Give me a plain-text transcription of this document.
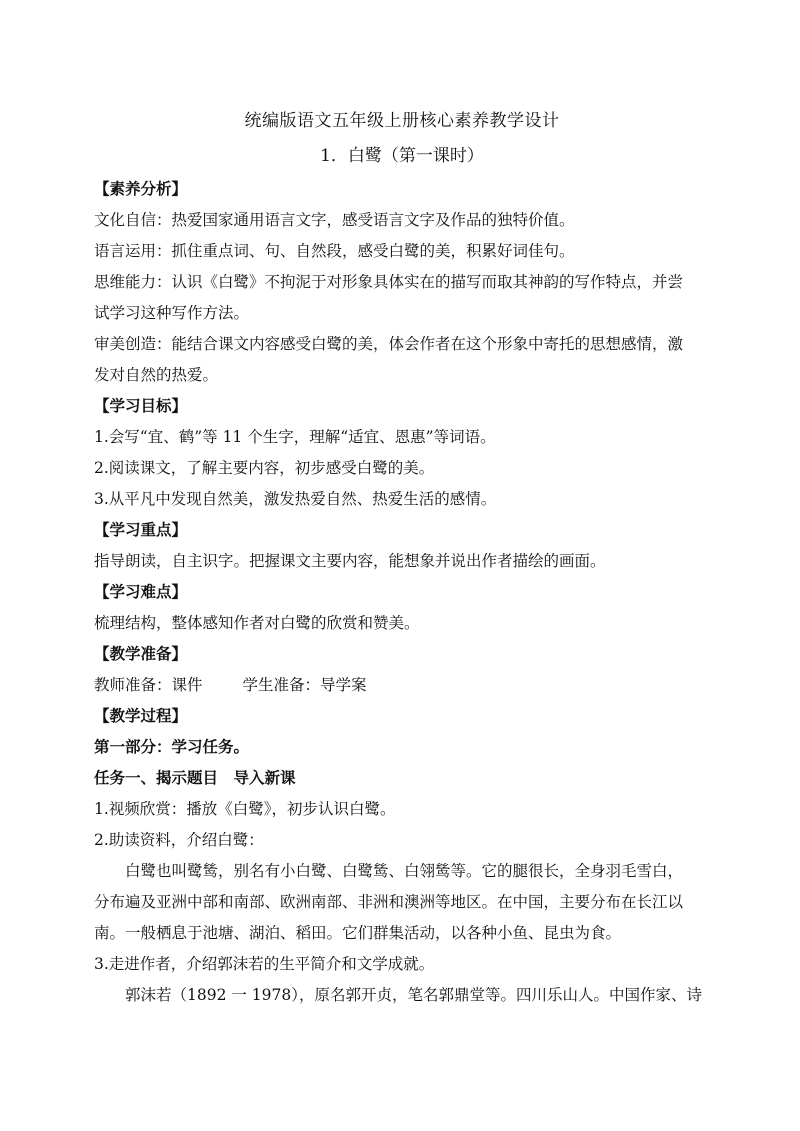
统编版语文五年级上册核心素养教学设计
1．白鹭（第一课时）
【素养分析】
文化自信：热爱国家通用语言文字，感受语言文字及作品的独特价值。
语言运用：抓住重点词、句、自然段，感受白鹭的美，积累好词佳句。
思维能力：认识《白鹭》不拘泥于对形象具体实在的描写而取其神韵的写作特点，并尝
试学习这种写作方法。
审美创造：能结合课文内容感受白鹭的美，体会作者在这个形象中寄托的思想感情，激
发对自然的热爱。
【学习目标】
1.会写“宜、鹤”等 11 个生字，理解“适宜、恩惠”等词语。
2.阅读课文，了解主要内容，初步感受白鹭的美。
3.从平凡中发现自然美，激发热爱自然、热爱生活的感情。
【学习重点】
指导朗读，自主识字。把握课文主要内容，能想象并说出作者描绘的画面。
【学习难点】
梳理结构，整体感知作者对白鹭的欣赏和赞美。
【教学准备】
教师准备：课件	学生准备：导学案
【教学过程】
第一部分：学习任务。
任务一、揭示题目　导入新课
1.视频欣赏：播放《白鹭》，初步认识白鹭。
2.助读资料，介绍白鹭：
白鹭也叫鹭鸶，别名有小白鹭、白鹭鸶、白翎鸶等。它的腿很长，全身羽毛雪白，
分布遍及亚洲中部和南部、欧洲南部、非洲和澳洲等地区。在中国，主要分布在长江以
南。一般栖息于池塘、湖泊、稻田。它们群集活动，以各种小鱼、昆虫为食。
3.走进作者，介绍郭沫若的生平简介和文学成就。
郭沫若（1892 一 1978），原名郭开贞，笔名郭鼎堂等。四川乐山人。中国作家、诗
